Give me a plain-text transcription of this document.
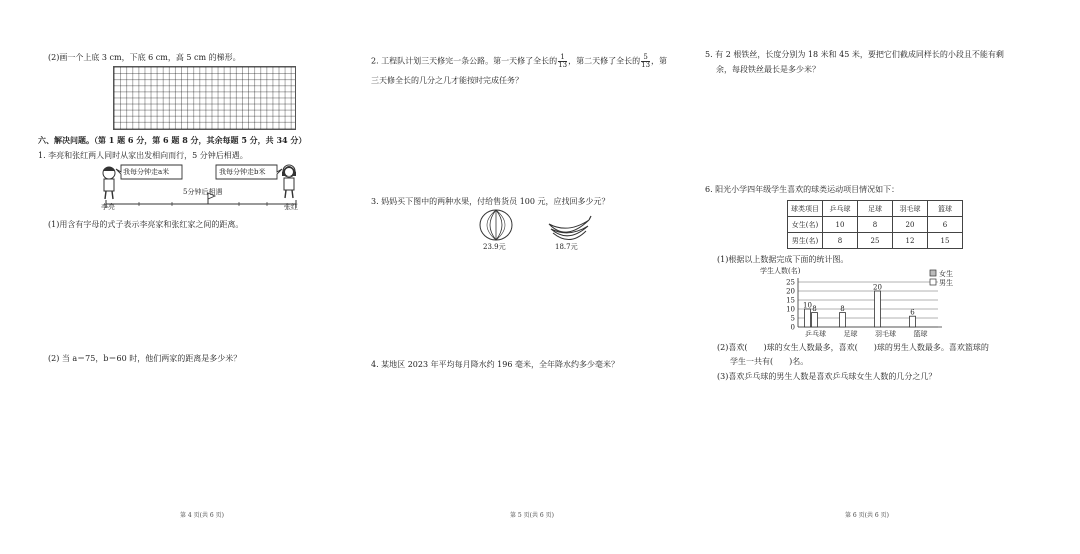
(2)画一个上底 3 cm，下底 6 cm，高 5 cm 的梯形。
六、解决问题。（第 1 题 6 分，第 6 题 8 分，其余每题 5 分，共 34 分）
1. 李亮和张红两人同时从家出发相向而行，5 分钟后相遇。
我每分钟走a米	我每分钟走b米
5分钟后相遇
李亮	张红
(1)用含有字母的式子表示李亮家和张红家之间的距离。
(2) 当 a＝75，b＝60 时，他们两家的距离是多少米？
第 4 页(共 6 页)
2. 工程队计划三天修完一条公路。第一天修了全长的 $\frac{1}{13}$ ，第二天修了全长的 $\frac{5}{13}$ ，第
三天修全长的几分之几才能按时完成任务？
3. 妈妈买下图中的两种水果，付给售货员 100 元，应找回多少元？
23.9元	18.7元
4. 某地区 2023 年平均每月降水约 196 毫米，全年降水约多少毫米？
第 5 页(共 6 页)
5. 有 2 根铁丝，长度分别为 18 米和 45 米，要把它们截成同样长的小段且不能有剩
余，每段铁丝最长是多少米？
6. 阳光小学四年级学生喜欢的球类运动项目情况如下：
球类项目	乒乓球	足球	羽毛球	篮球
女生(名)	10	8	20	6
男生(名)	8	25	12	15
(1)根据以上数据完成下面的统计图。
学生人数(名)
0
5
10
15
20
25
乒乓球
10 8
足球
8
羽毛球
20
篮球
6
女生
男生
(2)喜欢(　　)球的女生人数最多，喜欢(　　)球的男生人数最多。喜欢篮球的
学生一共有(　　)名。
(3)喜欢乒乓球的男生人数是喜欢乒乓球女生人数的几分之几？
第 6 页(共 6 页)
